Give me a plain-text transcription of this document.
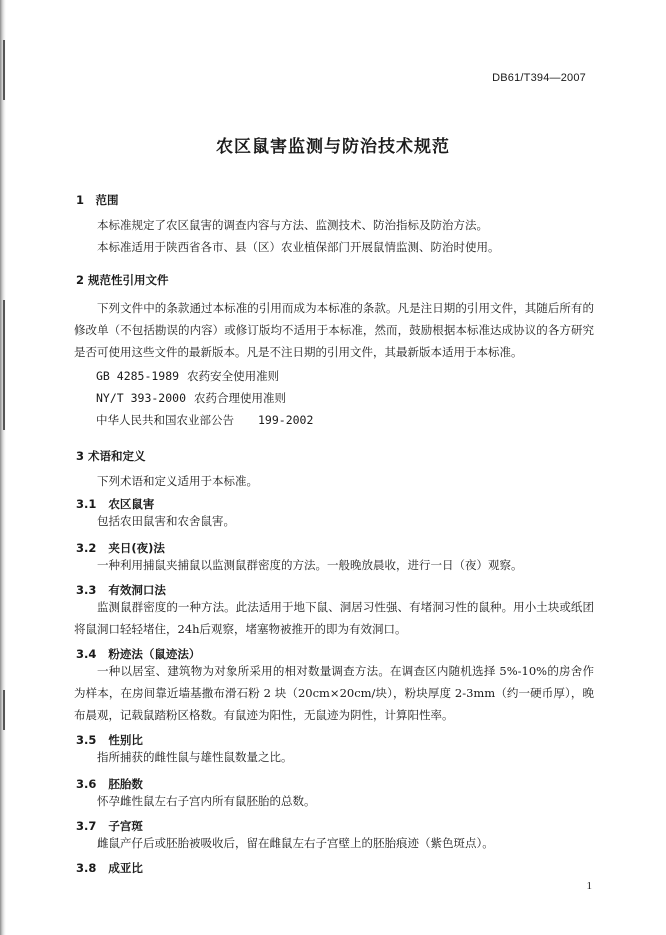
DB61/T394—2007
农区鼠害监测与防治技术规范
1　范围
本标准规定了农区鼠害的调查内容与方法、监测技术、防治指标及防治方法。
本标准适用于陕西省各市、县（区）农业植保部门开展鼠情监测、防治时使用。
2 规范性引用文件
下列文件中的条款通过本标准的引用而成为本标准的条款。凡是注日期的引用文件，其随后所有的修改单（不包括勘误的内容）或修订版均不适用于本标准，然而，鼓励根据本标准达成协议的各方研究是否可使用这些文件的最新版本。凡是不注日期的引用文件，其最新版本适用于本标准。
GB 4285-1989 农药安全使用准则
NY/T 393-2000 农药合理使用准则
中华人民共和国农业部公告 199-2002
3 术语和定义
下列术语和定义适用于本标准。
3.1 农区鼠害
包括农田鼠害和农舍鼠害。
3.2 夹日(夜)法
一种利用捕鼠夹捕鼠以监测鼠群密度的方法。一般晚放晨收，进行一日（夜）观察。
3.3 有效洞口法
监测鼠群密度的一种方法。此法适用于地下鼠、洞居习性强、有堵洞习性的鼠种。用小土块或纸团将鼠洞口轻轻堵住，24h后观察，堵塞物被推开的即为有效洞口。
3.4 粉迹法（鼠迹法）
一种以居室、建筑物为对象所采用的相对数量调查方法。在调查区内随机选择 5%-10%的房舍作为样本，在房间靠近墙基撒布滑石粉 2 块（20cm×20cm/块），粉块厚度 2-3mm（约一硬币厚），晚布晨观，记载鼠踏粉区格数。有鼠迹为阳性，无鼠迹为阴性，计算阳性率。
3.5 性别比
指所捕获的雌性鼠与雄性鼠数量之比。
3.6 胚胎数
怀孕雌性鼠左右子宫内所有鼠胚胎的总数。
3.7 子宫斑
雌鼠产仔后或胚胎被吸收后，留在雌鼠左右子宫壁上的胚胎痕迹（紫色斑点）。
3.8 成亚比
1
